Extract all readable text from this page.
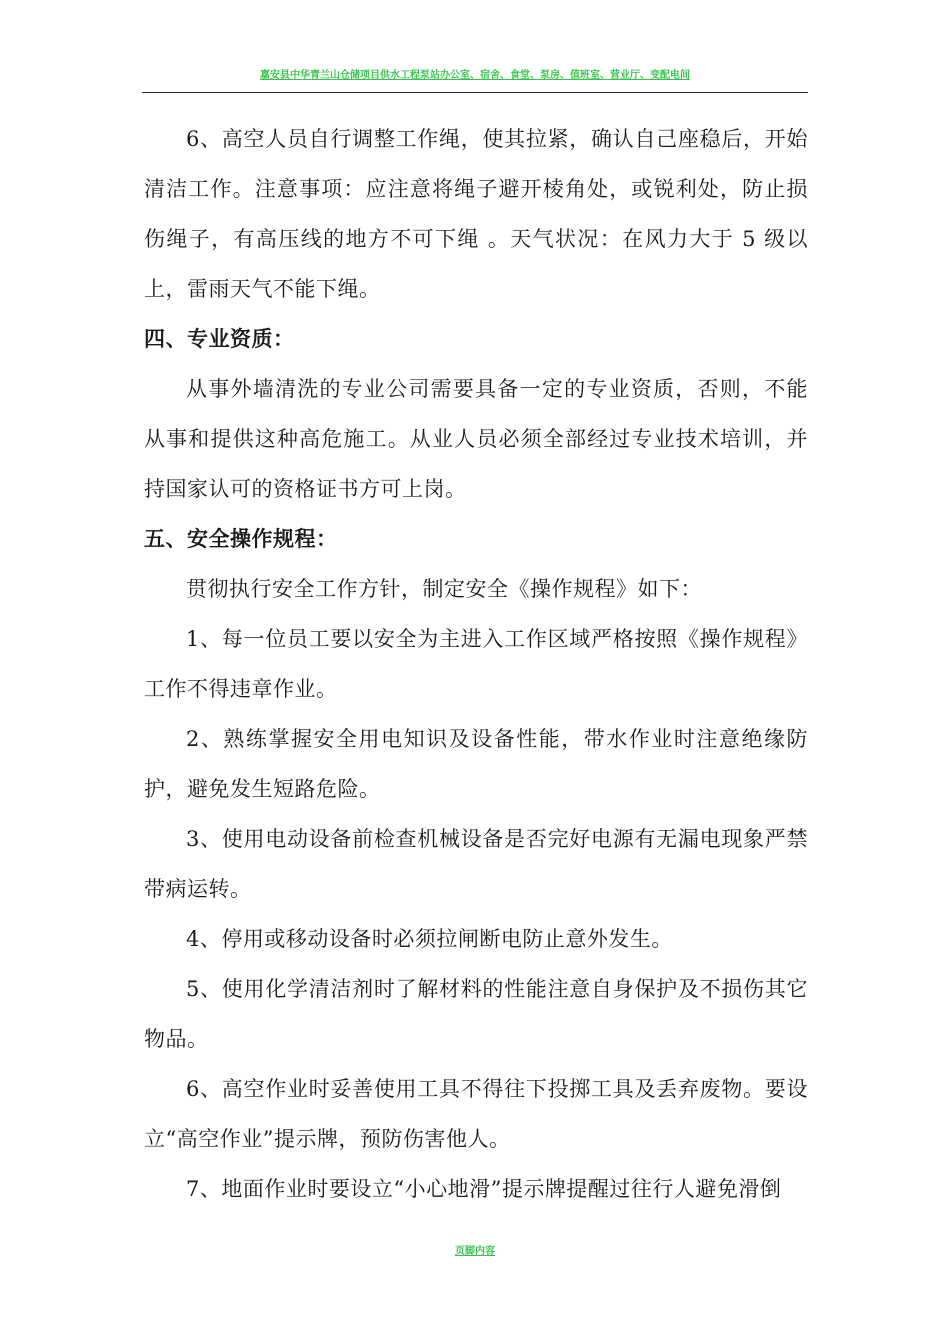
嘉安县中华青兰山仓储项目供水工程泵站办公室、宿舍、食堂、泵房、值班室、营业厅、变配电间

6、高空人员自行调整工作绳，使其拉紧，确认自己座稳后，开始清洁工作。注意事项：应注意将绳子避开棱角处，或锐利处，防止损伤绳子，有高压线的地方不可下绳 。天气状况：在风力大于 5 级以上，雷雨天气不能下绳。

四、专业资质：

从事外墙清洗的专业公司需要具备一定的专业资质，否则，不能从事和提供这种高危施工。从业人员必须全部经过专业技术培训，并持国家认可的资格证书方可上岗。

五、安全操作规程：

贯彻执行安全工作方针，制定安全《操作规程》如下：

1、每一位员工要以安全为主进入工作区域严格按照《操作规程》工作不得违章作业。

2、熟练掌握安全用电知识及设备性能，带水作业时注意绝缘防护，避免发生短路危险。

3、使用电动设备前检查机械设备是否完好电源有无漏电现象严禁带病运转。

4、停用或移动设备时必须拉闸断电防止意外发生。

5、使用化学清洁剂时了解材料的性能注意自身保护及不损伤其它物品。

6、高空作业时妥善使用工具不得往下投掷工具及丢弃废物。要设立“高空作业”提示牌，预防伤害他人。

7、地面作业时要设立“小心地滑”提示牌提醒过往行人避免滑倒

页脚内容
